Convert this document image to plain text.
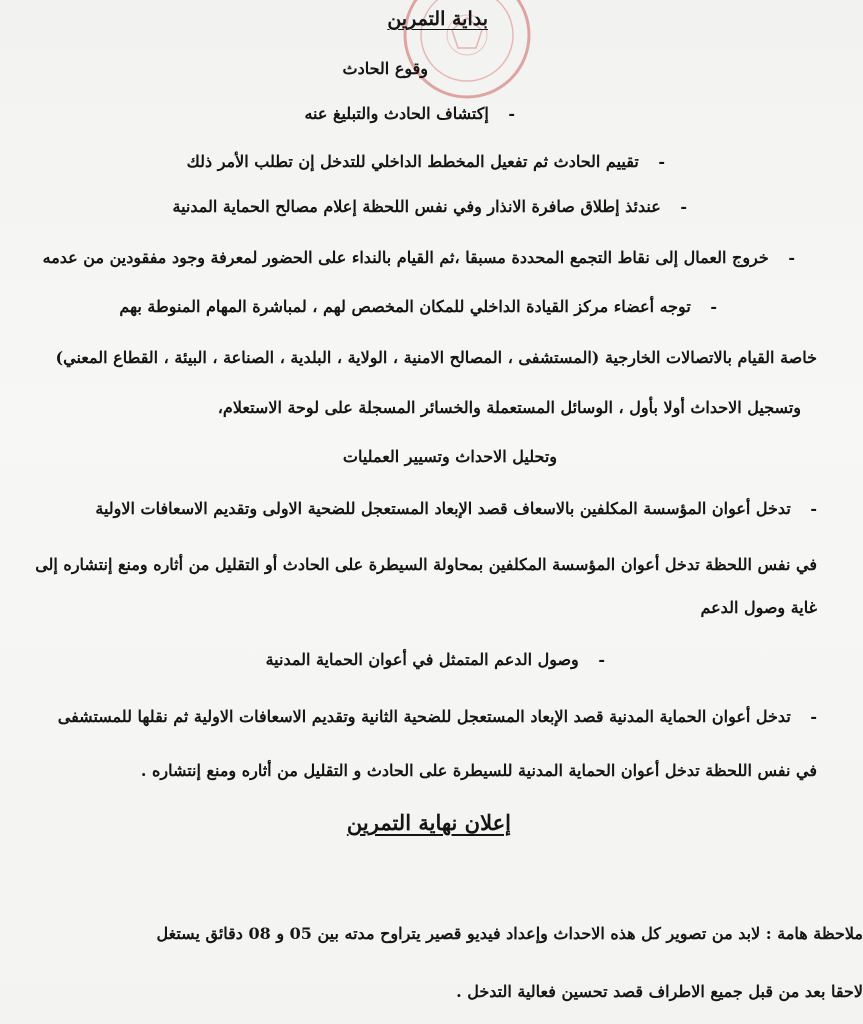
بداية التمرين
وقوع الحادث
- إكتشاف الحادث والتبليغ عنه
- تقييم الحادث ثم تفعيل المخطط الداخلي للتدخل إن تطلب الأمر ذلك
- عندئذ إطلاق صافرة الانذار وفي نفس اللحظة إعلام مصالح الحماية المدنية
- خروج العمال إلى نقاط التجمع المحددة مسبقا ،ثم القيام بالنداء على الحضور لمعرفة وجود مفقودين من عدمه
- توجه أعضاء مركز القيادة الداخلي للمكان المخصص لهم ، لمباشرة المهام المنوطة بهم
خاصة القيام بالاتصالات الخارجية (المستشفى ، المصالح الامنية ، الولاية ، البلدية ، الصناعة ، البيئة ، القطاع المعني)
وتسجيل الاحداث أولا بأول ، الوسائل المستعملة والخسائر المسجلة على لوحة الاستعلام،
وتحليل الاحداث وتسيير العمليات
- تدخل أعوان المؤسسة المكلفين بالاسعاف قصد الإبعاد المستعجل للضحية الاولى وتقديم الاسعافات الاولية
في نفس اللحظة تدخل أعوان المؤسسة المكلفين بمحاولة السيطرة على الحادث أو التقليل من أثاره ومنع إنتشاره إلى
غاية وصول الدعم
- وصول الدعم المتمثل في أعوان الحماية المدنية
- تدخل أعوان الحماية المدنية قصد الإبعاد المستعجل للضحية الثانية وتقديم الاسعافات الاولية ثم نقلها للمستشفى
في نفس اللحظة تدخل أعوان الحماية المدنية للسيطرة على الحادث و التقليل من أثاره ومنع إنتشاره .
إعلان نهاية التمرين
ملاحظة هامة : لابد من تصوير كل هذه الاحداث وإعداد فيديو قصير يتراوح مدته بين 05 و 08 دقائق يستغل
لاحقا بعد من قبل جميع الاطراف قصد تحسين فعالية التدخل .
